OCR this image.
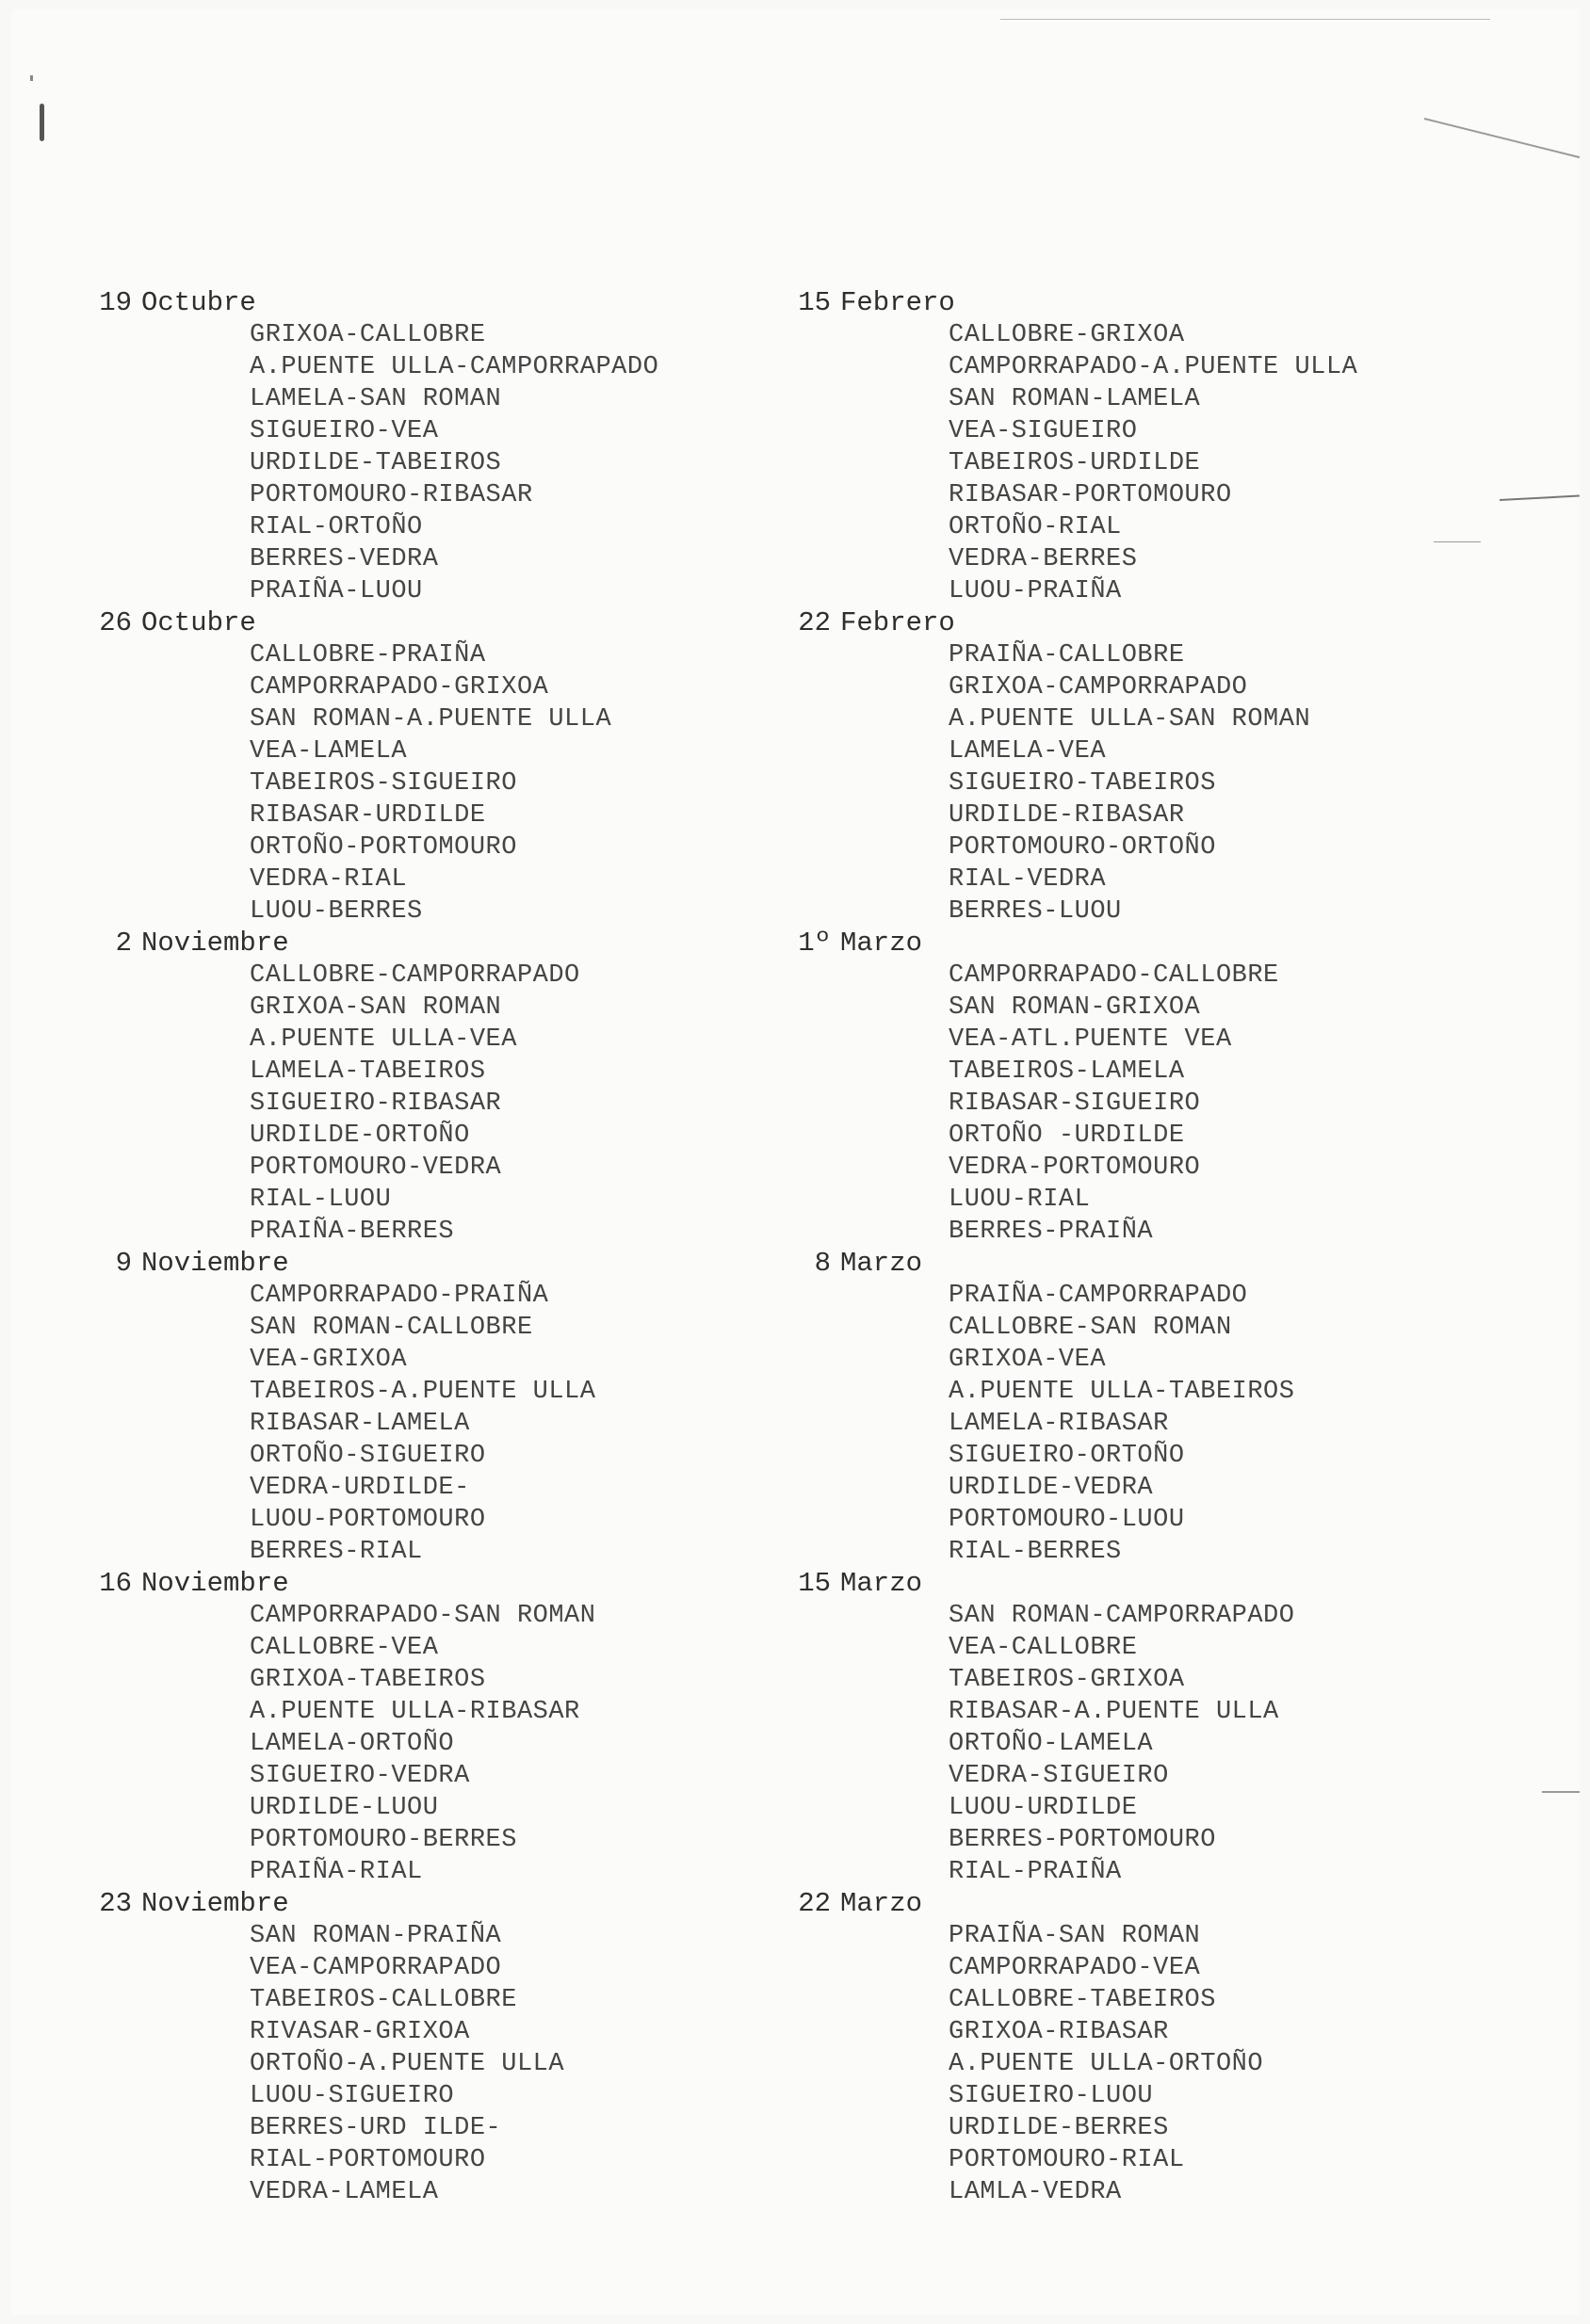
19 Octubre
GRIXOA-CALLOBRE
A.PUENTE ULLA-CAMPORRAPADO
LAMELA-SAN ROMAN
SIGUEIRO-VEA
URDILDE-TABEIROS
PORTOMOURO-RIBASAR
RIAL-ORTOÑO
BERRES-VEDRA
PRAIÑA-LUOU
26 Octubre
CALLOBRE-PRAIÑA
CAMPORRAPADO-GRIXOA
SAN ROMAN-A.PUENTE ULLA
VEA-LAMELA
TABEIROS-SIGUEIRO
RIBASAR-URDILDE
ORTOÑO-PORTOMOURO
VEDRA-RIAL
LUOU-BERRES
2 Noviembre
CALLOBRE-CAMPORRAPADO
GRIXOA-SAN ROMAN
A.PUENTE ULLA-VEA
LAMELA-TABEIROS
SIGUEIRO-RIBASAR
URDILDE-ORTOÑO
PORTOMOURO-VEDRA
RIAL-LUOU
PRAIÑA-BERRES
9 Noviembre
CAMPORRAPADO-PRAIÑA
SAN ROMAN-CALLOBRE
VEA-GRIXOA
TABEIROS-A.PUENTE ULLA
RIBASAR-LAMELA
ORTOÑO-SIGUEIRO
VEDRA-URDILDE-
LUOU-PORTOMOURO
BERRES-RIAL
16 Noviembre
CAMPORRAPADO-SAN ROMAN
CALLOBRE-VEA
GRIXOA-TABEIROS
A.PUENTE ULLA-RIBASAR
LAMELA-ORTOÑO
SIGUEIRO-VEDRA
URDILDE-LUOU
PORTOMOURO-BERRES
PRAIÑA-RIAL
23 Noviembre
SAN ROMAN-PRAIÑA
VEA-CAMPORRAPADO
TABEIROS-CALLOBRE
RIVASAR-GRIXOA
ORTOÑO-A.PUENTE ULLA
LUOU-SIGUEIRO
BERRES-URD ILDE-
RIAL-PORTOMOURO
VEDRA-LAMELA
15 Febrero
CALLOBRE-GRIXOA
CAMPORRAPADO-A.PUENTE ULLA
SAN ROMAN-LAMELA
VEA-SIGUEIRO
TABEIROS-URDILDE
RIBASAR-PORTOMOURO
ORTOÑO-RIAL
VEDRA-BERRES
LUOU-PRAIÑA
22 Febrero
PRAIÑA-CALLOBRE
GRIXOA-CAMPORRAPADO
A.PUENTE ULLA-SAN ROMAN
LAMELA-VEA
SIGUEIRO-TABEIROS
URDILDE-RIBASAR
PORTOMOURO-ORTOÑO
RIAL-VEDRA
BERRES-LUOU
1º Marzo
CAMPORRAPADO-CALLOBRE
SAN ROMAN-GRIXOA
VEA-ATL.PUENTE VEA
TABEIROS-LAMELA
RIBASAR-SIGUEIRO
ORTOÑO -URDILDE
VEDRA-PORTOMOURO
LUOU-RIAL
BERRES-PRAIÑA
8 Marzo
PRAIÑA-CAMPORRAPADO
CALLOBRE-SAN ROMAN
GRIXOA-VEA
A.PUENTE ULLA-TABEIROS
LAMELA-RIBASAR
SIGUEIRO-ORTOÑO
URDILDE-VEDRA
PORTOMOURO-LUOU
RIAL-BERRES
15 Marzo
SAN ROMAN-CAMPORRAPADO
VEA-CALLOBRE
TABEIROS-GRIXOA
RIBASAR-A.PUENTE ULLA
ORTOÑO-LAMELA
VEDRA-SIGUEIRO
LUOU-URDILDE
BERRES-PORTOMOURO
RIAL-PRAIÑA
22 Marzo
PRAIÑA-SAN ROMAN
CAMPORRAPADO-VEA
CALLOBRE-TABEIROS
GRIXOA-RIBASAR
A.PUENTE ULLA-ORTOÑO
SIGUEIRO-LUOU
URDILDE-BERRES
PORTOMOURO-RIAL
LAMLA-VEDRA
